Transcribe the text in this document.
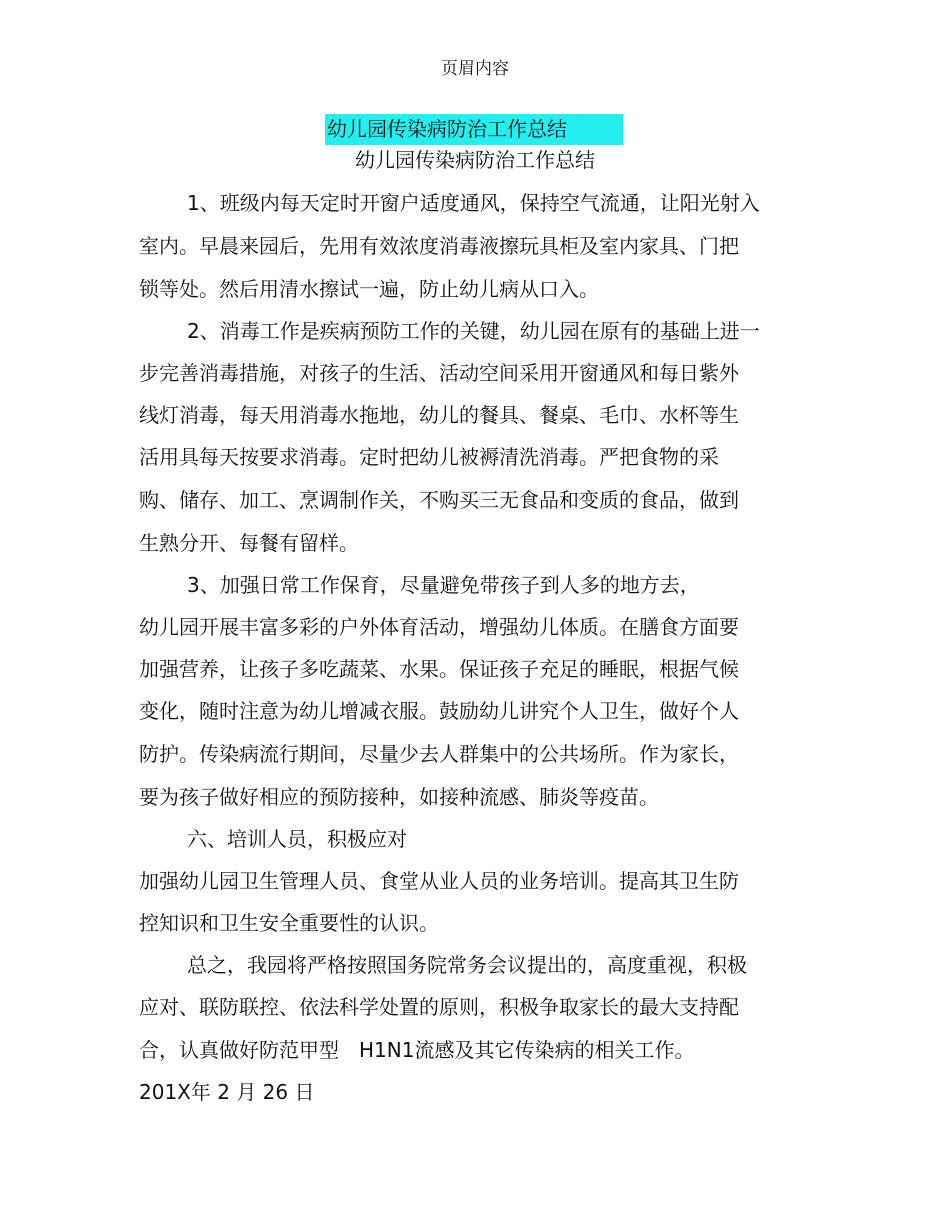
页眉内容
幼儿园传染病防治工作总结
幼儿园传染病防治工作总结
1、班级内每天定时开窗户适度通风，保持空气流通，让阳光射入
室内。早晨来园后，先用有效浓度消毒液擦玩具柜及室内家具、门把
锁等处。然后用清水擦试一遍，防止幼儿病从口入。
2、消毒工作是疾病预防工作的关键，幼儿园在原有的基础上进一
步完善消毒措施，对孩子的生活、活动空间采用开窗通风和每日紫外
线灯消毒，每天用消毒水拖地，幼儿的餐具、餐桌、毛巾、水杯等生
活用具每天按要求消毒。定时把幼儿被褥清洗消毒。严把食物的采
购、储存、加工、烹调制作关，不购买三无食品和变质的食品，做到
生熟分开、每餐有留样。
3、加强日常工作保育，尽量避免带孩子到人多的地方去，
幼儿园开展丰富多彩的户外体育活动，增强幼儿体质。在膳食方面要
加强营养，让孩子多吃蔬菜、水果。保证孩子充足的睡眠，根据气候
变化，随时注意为幼儿增减衣服。鼓励幼儿讲究个人卫生，做好个人
防护。传染病流行期间，尽量少去人群集中的公共场所。作为家长，
要为孩子做好相应的预防接种，如接种流感、肺炎等疫苗。
六、培训人员，积极应对
加强幼儿园卫生管理人员、食堂从业人员的业务培训。提高其卫生防
控知识和卫生安全重要性的认识。
总之，我园将严格按照国务院常务会议提出的，高度重视，积极
应对、联防联控、依法科学处置的原则，积极争取家长的最大支持配
合，认真做好防范甲型　H1N1流感及其它传染病的相关工作。
201X年 2 月 26 日
